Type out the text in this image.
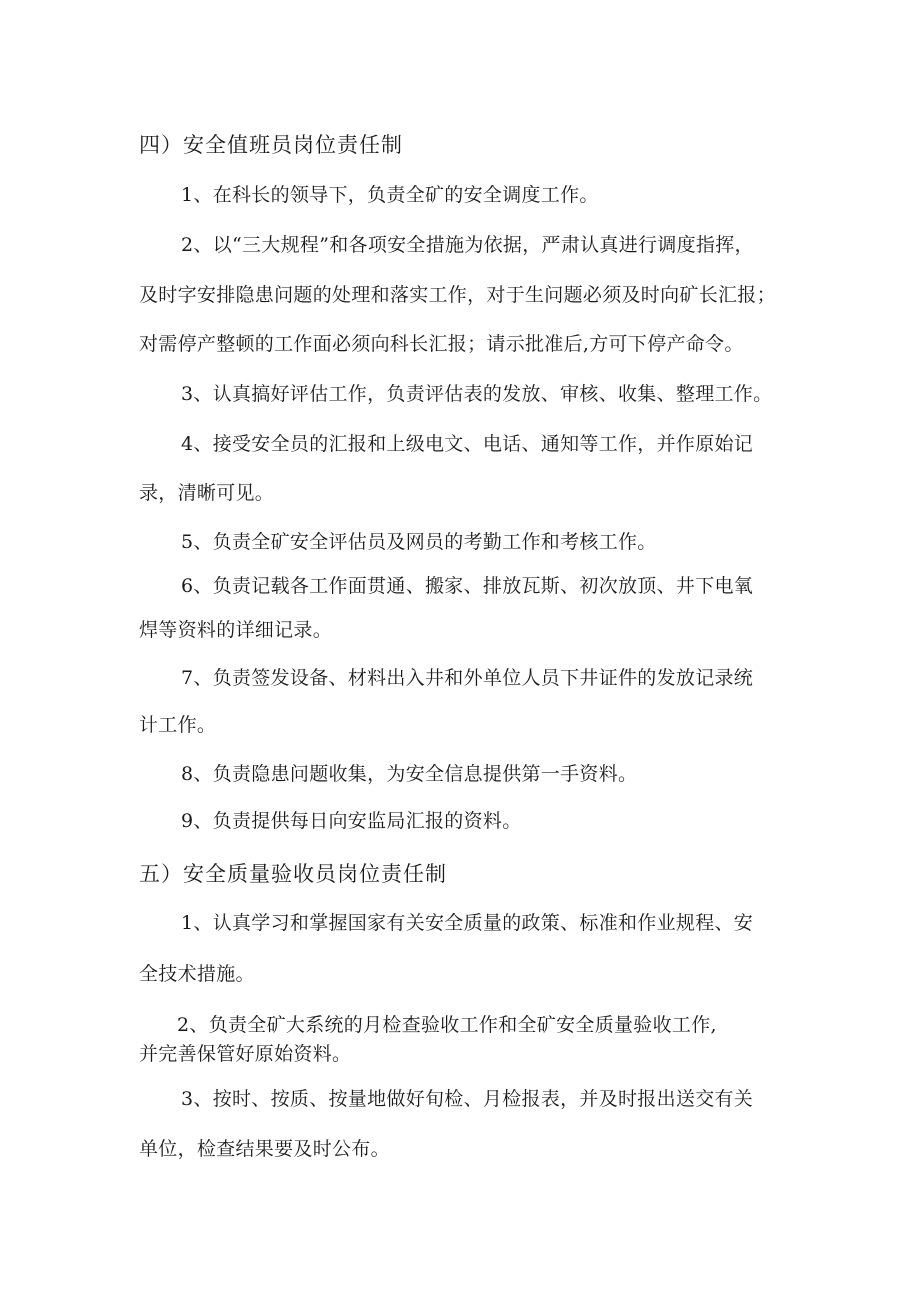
四）安全值班员岗位责任制
1、在科长的领导下，负责全矿的安全调度工作。
2、以“三大规程”和各项安全措施为依据，严肃认真进行调度指挥，
及时字安排隐患问题的处理和落实工作，对于生问题必须及时向矿长汇报；
对需停产整顿的工作面必须向科长汇报；请示批准后,方可下停产命令。
3、认真搞好评估工作，负责评估表的发放、审核、收集、整理工作。
4、接受安全员的汇报和上级电文、电话、通知等工作，并作原始记
录，清晰可见。
5、负责全矿安全评估员及网员的考勤工作和考核工作。
6、负责记载各工作面贯通、搬家、排放瓦斯、初次放顶、井下电氧
焊等资料的详细记录。
7、负责签发设备、材料出入井和外单位人员下井证件的发放记录统
计工作。
8、负责隐患问题收集，为安全信息提供第一手资料。
9、负责提供每日向安监局汇报的资料。
五）安全质量验收员岗位责任制
1、认真学习和掌握国家有关安全质量的政策、标准和作业规程、安
全技术措施。
2、负责全矿大系统的月检查验收工作和全矿安全质量验收工作,
并完善保管好原始资料。
3、按时、按质、按量地做好旬检、月检报表，并及时报出送交有关
单位，检查结果要及时公布。
